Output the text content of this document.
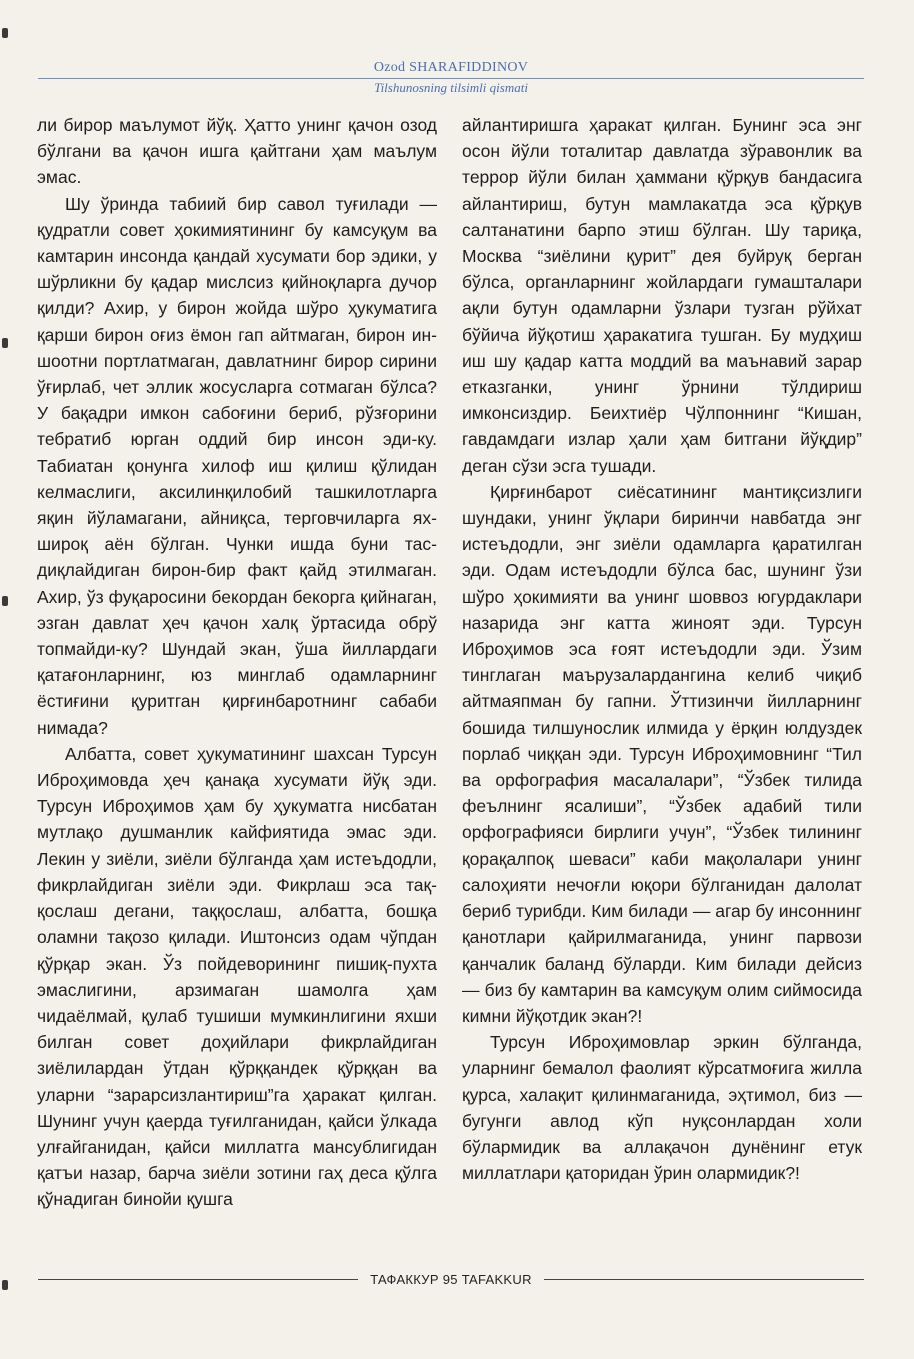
Ozod SHARAFIDDINOV
Tilshunosning tilsimli qismati

ли бирор маълумот йўқ. Ҳатто унинг қачон озод бўлгани ва қачон ишга қайтгани ҳам маълум эмас.

Шу ўринда табиий бир савол туғилади — қудратли совет ҳокимиятининг бу камсуқум ва камтарин инсонда қандай хусумати бор эдики, у шўрликни бу қадар мислсиз қийноқларга дучор қилди? Ахир, у бирон жойда шўро ҳукуматига қарши бирон оғиз ёмон гап айтмаган, бирон иншоотни портлатмаган, давлатнинг бирор сирини ўғирлаб, чет эллик жосусларга сотмаган бўлса? У бақадри имкон сабоғини бериб, рўзғорини тебратиб юрган оддий бир инсон эди-ку. Табиатан қонунга хилоф иш қилиш қўлидан келмаслиги, аксилинқилобий ташкилотларга яқин йўламагани, айниқса, терговчиларга яхшироқ аён бўлган. Чунки ишда буни тасдиқлайдиган бирон-бир факт қайд этилмаган. Ахир, ўз фуқаросини бекордан бекорга қийнаган, эзган давлат ҳеч қачон халқ ўртасида обрў топмайди-ку? Шундай экан, ўша йиллардаги қатағонларнинг, юз минглаб одамларнинг ёстиғини қуритган қирғинбаротнинг сабаби нимада?

Албатта, совет ҳукуматининг шахсан Турсун Иброҳимовда ҳеч қанақа хусумати йўқ эди. Турсун Иброҳимов ҳам бу ҳукуматга нисбатан мутлақо душманлик кайфиятида эмас эди. Лекин у зиёли, зиёли бўлганда ҳам истеъдодли, фикрлайдиган зиёли эди. Фикрлаш эса таққослаш дегани, таққослаш, албатта, бошқа оламни тақозо қилади. Иштонсиз одам чўпдан қўрқар экан. Ўз пойдеворининг пишиқ-пухта эмаслигини, арзимаган шамолга ҳам чидаёлмай, қулаб тушиши мумкинлигини яхши билган совет доҳийлари фикрлайдиган зиёлилардан ўтдан қўрққандек қўрққан ва уларни “зарарсизлантириш”га ҳаракат қилган. Шунинг учун қаерда туғилганидан, қайси ўлкада улғайганидан, қайси миллатга мансублигидан қатъи назар, барча зиёли зотини гаҳ деса қўлга қўнадиган бинойи қушга

айлантиришга ҳаракат қилган. Бунинг эса энг осон йўли тоталитар давлатда зўравонлик ва террор йўли билан ҳаммани қўрқув бандасига айлантириш, бутун мамлакатда эса қўрқув салтанатини барпо этиш бўлган. Шу тариқа, Москва “зиёлини қурит” дея буйруқ берган бўлса, органларнинг жойлардаги гумашталари ақли бутун одамларни ўзлари тузган рўйхат бўйича йўқотиш ҳаракатига тушган. Бу мудҳиш иш шу қадар катта моддий ва маънавий зарар етказганки, унинг ўрнини тўлдириш имконсиздир. Беихтиёр Чўлпоннинг “Кишан, гавдамдаги излар ҳали ҳам битгани йўқдир” деган сўзи эсга тушади.

Қирғинбарот сиёсатининг мантиқсизлиги шундаки, унинг ўқлари биринчи навбатда энг истеъдодли, энг зиёли одамларга қаратилган эди. Одам истеъдодли бўлса бас, шунинг ўзи шўро ҳокимияти ва унинг шоввоз югурдаклари назарида энг катта жиноят эди. Турсун Иброҳимов эса ғоят истеъдодли эди. Ўзим тинглаган маърузалардангина келиб чиқиб айтмаяпман бу гапни. Ўттизинчи йилларнинг бошида тилшунослик илмида у ёрқин юлдуздек порлаб чиққан эди. Турсун Иброҳимовнинг “Тил ва орфография масалалари”, “Ўзбек тилида феълнинг ясалиши”, “Ўзбек адабий тили орфографияси бирлиги учун”, “Ўзбек тилининг қорақалпоқ шеваси” каби мақолалари унинг салоҳияти нечоғли юқори бўлганидан далолат бериб турибди. Ким билади — агар бу инсоннинг қанотлари қайрилмаганида, унинг парвози қанчалик баланд бўларди. Ким билади дейсиз — биз бу камтарин ва камсуқум олим сиймосида кимни йўқотдик экан?!

Турсун Иброҳимовлар эркин бўлганда, уларнинг бемалол фаолият кўрсатмоғига жилла қурса, халақит қилинмаганида, эҳтимол, биз — бугунги авлод кўп нуқсонлардан холи бўлармидик ва аллақачон дунёнинг етук миллатлари қаторидан ўрин олармидик?!

ТАФАККУР 95 TAFAKKUR
